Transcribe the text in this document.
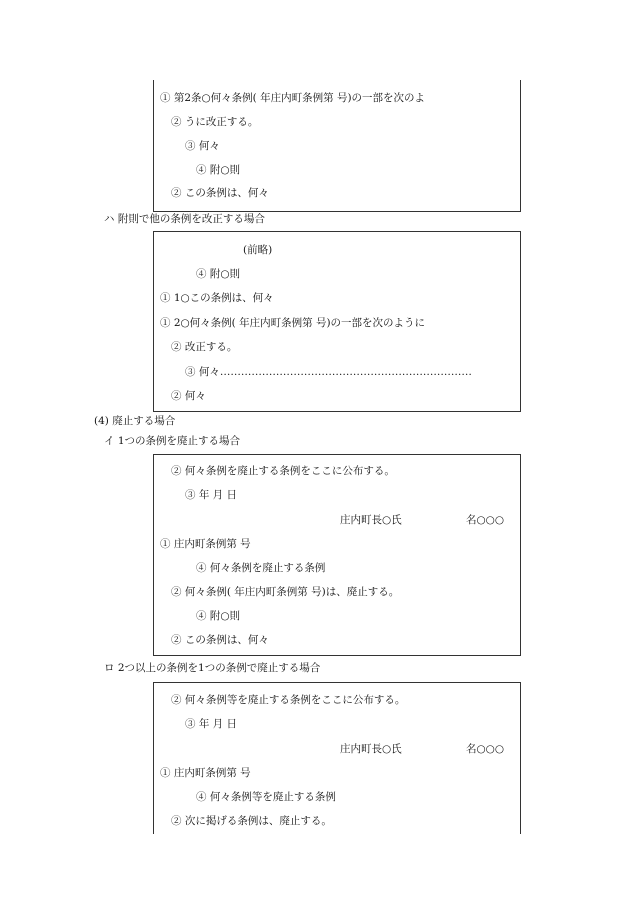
① 第2条○何々条例( 年庄内町条例第 号)の一部を次のよ
② うに改正する。
③ 何々
④ 附○則
② この条例は、何々
ハ 附則で他の条例を改正する場合
(前略)
④ 附○則
① 1○この条例は、何々
① 2○何々条例( 年庄内町条例第 号)の一部を次のように
② 改正する。
③ 何々………………………………………………………………
② 何々
(4) 廃止する場合
イ 1つの条例を廃止する場合
② 何々条例を廃止する条例をここに公布する。
③ 年 月 日
庄内町長○氏	名○○○
① 庄内町条例第 号
④ 何々条例を廃止する条例
② 何々条例( 年庄内町条例第 号)は、廃止する。
④ 附○則
② この条例は、何々
ロ 2つ以上の条例を1つの条例で廃止する場合
② 何々条例等を廃止する条例をここに公布する。
③ 年 月 日
庄内町長○氏	名○○○
① 庄内町条例第 号
④ 何々条例等を廃止する条例
② 次に掲げる条例は、廃止する。
